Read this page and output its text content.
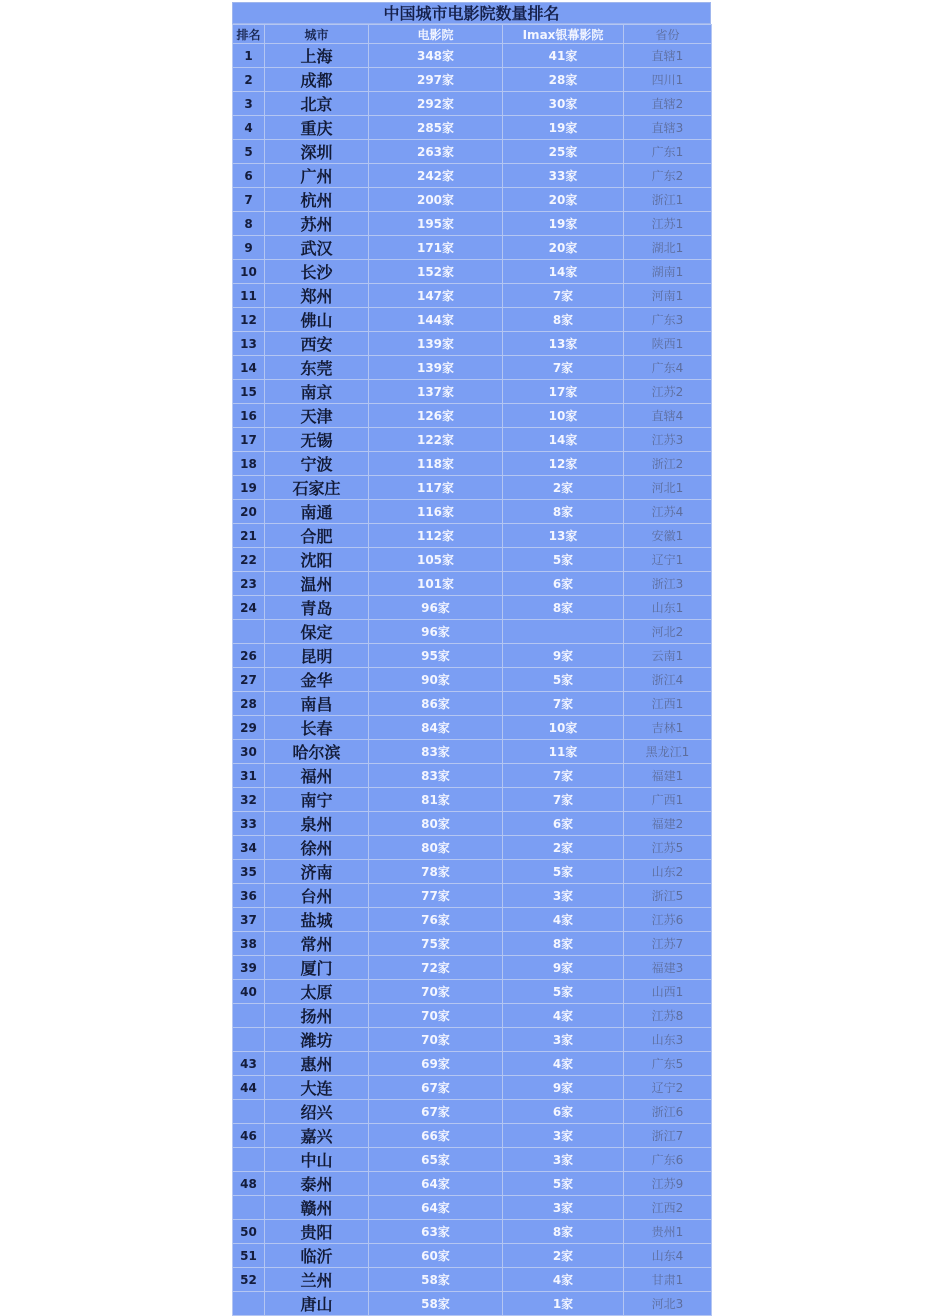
中国城市电影院数量排名
排名	城市	电影院	Imax银幕影院	省份
1	上海	348家	41家	直辖1
2	成都	297家	28家	四川1
3	北京	292家	30家	直辖2
4	重庆	285家	19家	直辖3
5	深圳	263家	25家	广东1
6	广州	242家	33家	广东2
7	杭州	200家	20家	浙江1
8	苏州	195家	19家	江苏1
9	武汉	171家	20家	湖北1
10	长沙	152家	14家	湖南1
11	郑州	147家	7家	河南1
12	佛山	144家	8家	广东3
13	西安	139家	13家	陕西1
14	东莞	139家	7家	广东4
15	南京	137家	17家	江苏2
16	天津	126家	10家	直辖4
17	无锡	122家	14家	江苏3
18	宁波	118家	12家	浙江2
19	石家庄	117家	2家	河北1
20	南通	116家	8家	江苏4
21	合肥	112家	13家	安徽1
22	沈阳	105家	5家	辽宁1
23	温州	101家	6家	浙江3
24	青岛	96家	8家	山东1
	保定	96家		河北2
26	昆明	95家	9家	云南1
27	金华	90家	5家	浙江4
28	南昌	86家	7家	江西1
29	长春	84家	10家	吉林1
30	哈尔滨	83家	11家	黑龙江1
31	福州	83家	7家	福建1
32	南宁	81家	7家	广西1
33	泉州	80家	6家	福建2
34	徐州	80家	2家	江苏5
35	济南	78家	5家	山东2
36	台州	77家	3家	浙江5
37	盐城	76家	4家	江苏6
38	常州	75家	8家	江苏7
39	厦门	72家	9家	福建3
40	太原	70家	5家	山西1
	扬州	70家	4家	江苏8
	潍坊	70家	3家	山东3
43	惠州	69家	4家	广东5
44	大连	67家	9家	辽宁2
	绍兴	67家	6家	浙江6
46	嘉兴	66家	3家	浙江7
	中山	65家	3家	广东6
48	泰州	64家	5家	江苏9
	赣州	64家	3家	江西2
50	贵阳	63家	8家	贵州1
51	临沂	60家	2家	山东4
52	兰州	58家	4家	甘肃1
	唐山	58家	1家	河北3
